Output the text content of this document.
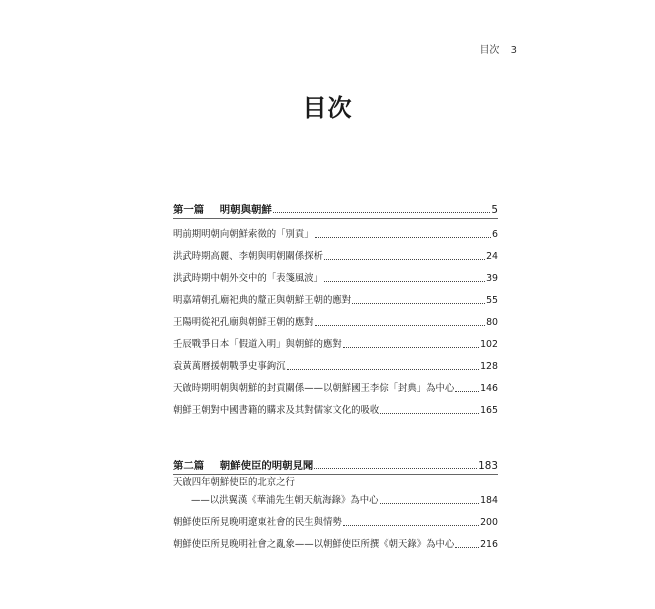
目次 3
目次
第一篇 明朝與朝鮮	5
明前期明朝向朝鮮索徵的「別貢」	6
洪武時期高麗、李朝與明朝關係探析	24
洪武時期中朝外交中的「表箋風波」	39
明嘉靖朝孔廟祀典的釐正與朝鮮王朝的應對	55
王陽明從祀孔廟與朝鮮王朝的應對	80
壬辰戰爭日本「假道入明」與朝鮮的應對	102
袁黃萬曆援朝戰爭史事鉤沉	128
天啟時期明朝與朝鮮的封貢關係——以朝鮮國王李倧「封典」為中心	146
朝鮮王朝對中國書籍的購求及其對儒家文化的吸收	165
第二篇 朝鮮使臣的明朝見聞	183
天啟四年朝鮮使臣的北京之行
——以洪翼漢《華浦先生朝天航海錄》為中心	184
朝鮮使臣所見晚明遼東社會的民生與情勢	200
朝鮮使臣所見晚明社會之亂象——以朝鮮使臣所撰《朝天錄》為中心	216
